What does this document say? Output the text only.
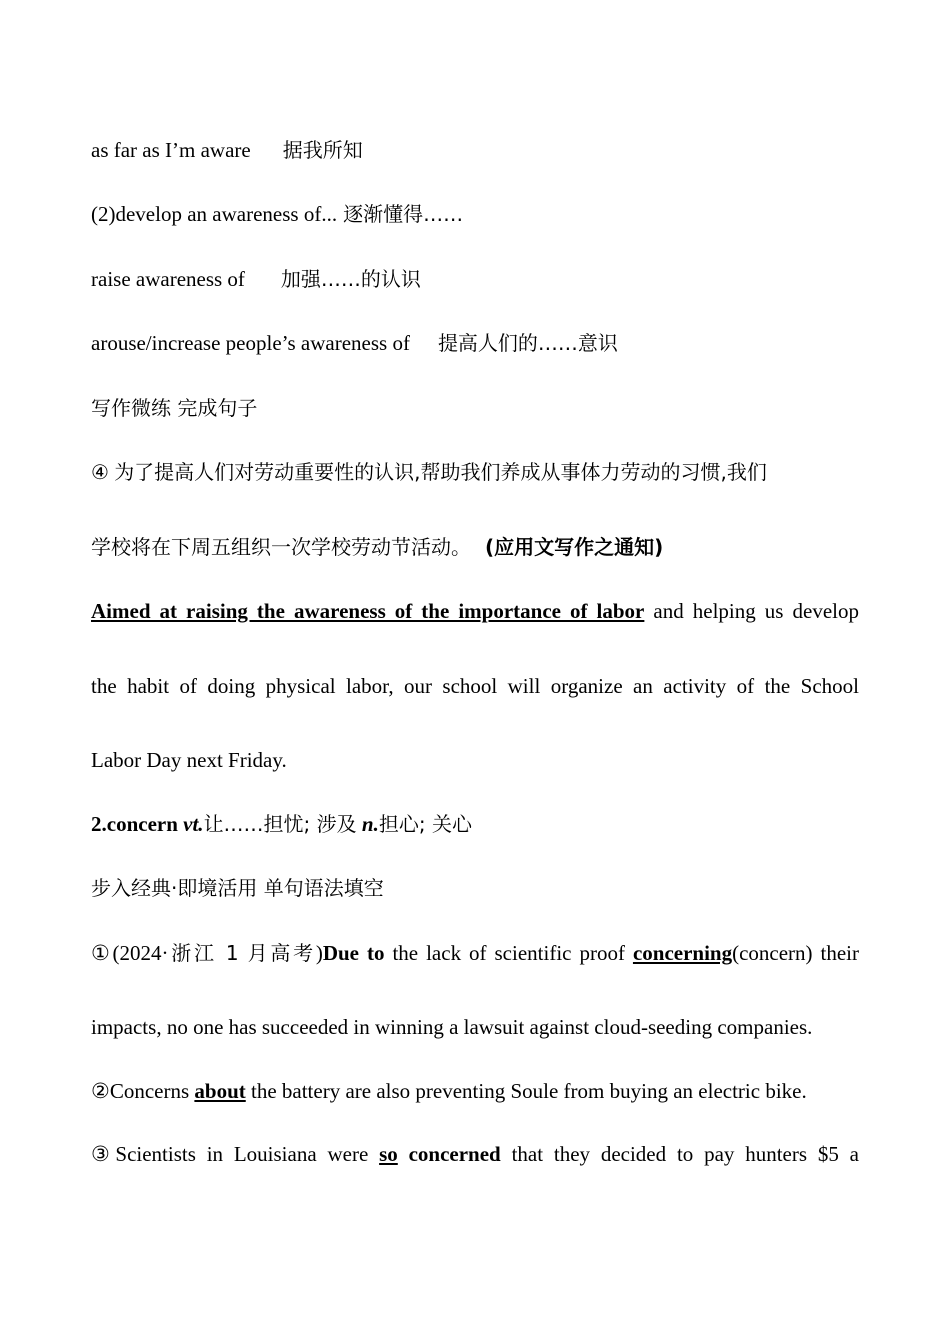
as far as I’m aware 据我所知
(2)develop an awareness of... 逐渐懂得……
raise awareness of 加强……的认识
arouse/increase people’s awareness of 提高人们的……意识
写作微练 完成句子
④ 为了提高人们对劳动重要性的认识,帮助我们养成从事体力劳动的习惯,我们
学校将在下周五组织一次学校劳动节活动。 (应用文写作之通知)
Aimed at raising the awareness of the importance of labor and helping us develop
the habit of doing physical labor, our school will organize an activity of the School
Labor Day next Friday.
2.concern vt.让……担忧; 涉及 n.担心; 关心
步入经典·即境活用 单句语法填空
①(2024·浙江 1 月高考)Due to the lack of scientific proof concerning(concern) their
impacts, no one has succeeded in winning a lawsuit against cloud-seeding companies.
②Concerns about the battery are also preventing Soule from buying an electric bike.
③Scientists in Louisiana were so concerned that they decided to pay hunters $5 a
